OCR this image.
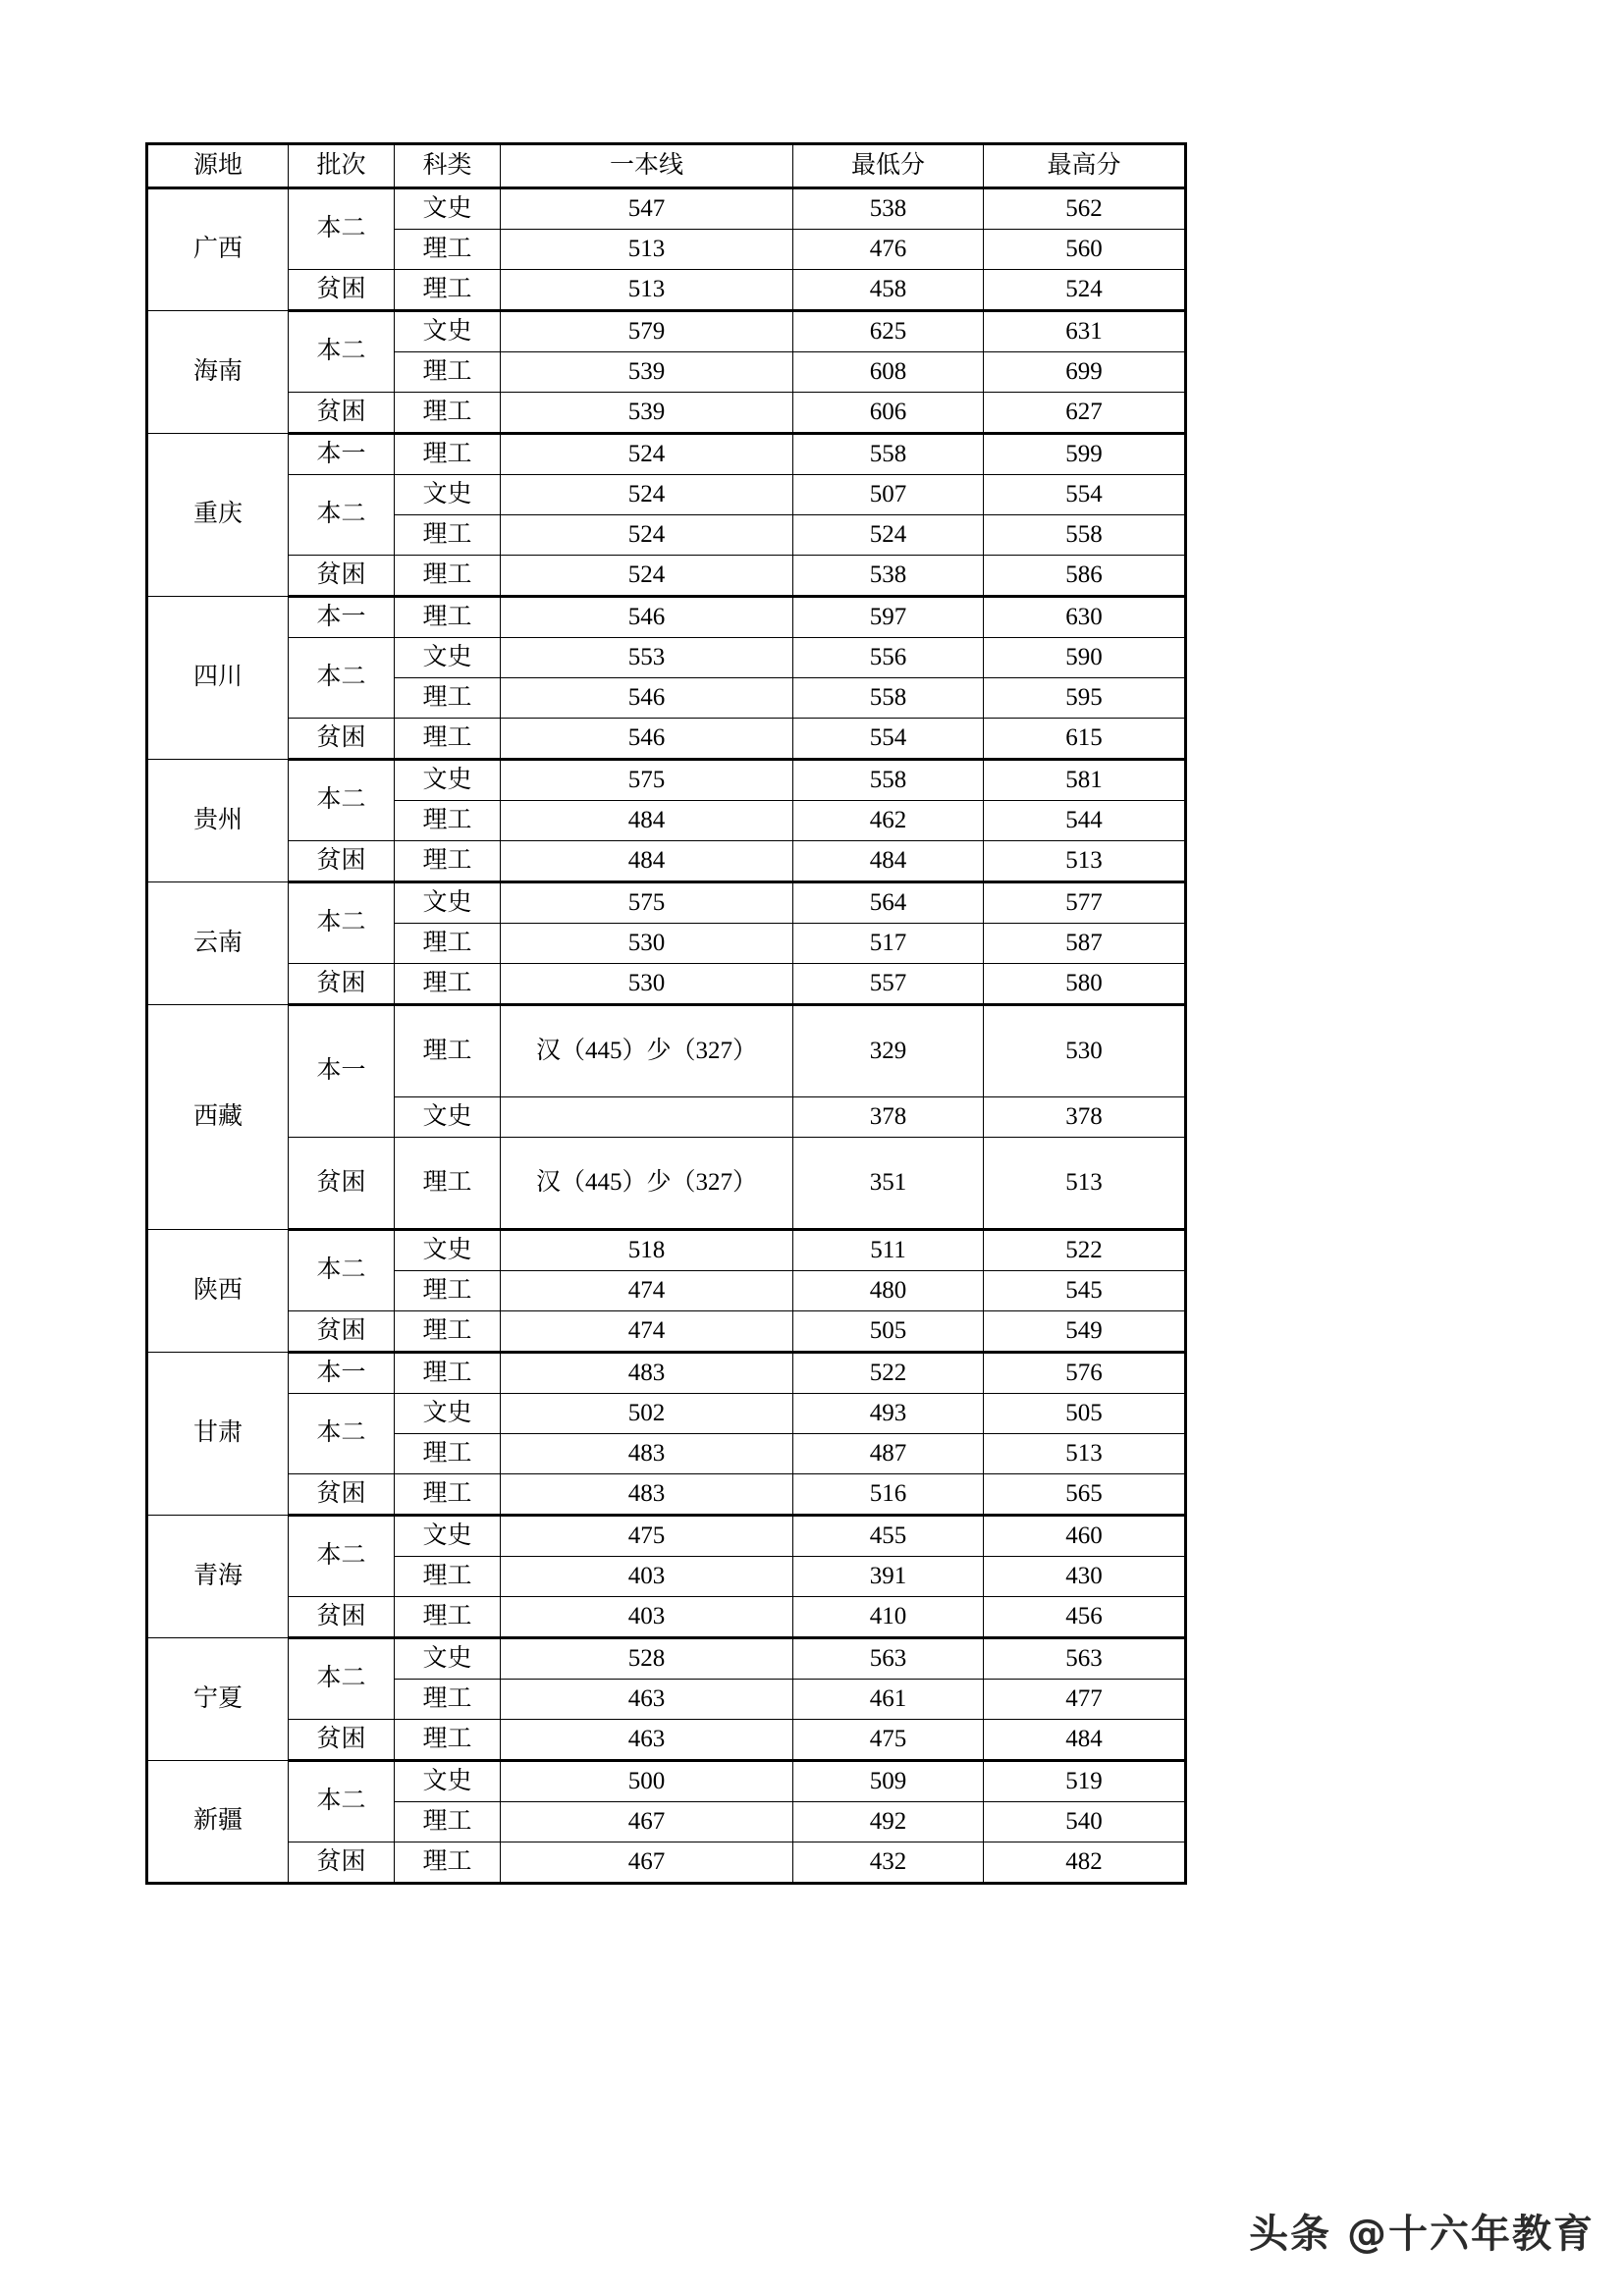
源地	批次	科类	一本线	最低分	最高分
广西	本二	文史	547	538	562
		理工	513	476	560
	贫困	理工	513	458	524
海南	本二	文史	579	625	631
		理工	539	608	699
	贫困	理工	539	606	627
重庆	本一	理工	524	558	599
	本二	文史	524	507	554
		理工	524	524	558
	贫困	理工	524	538	586
四川	本一	理工	546	597	630
	本二	文史	553	556	590
		理工	546	558	595
	贫困	理工	546	554	615
贵州	本二	文史	575	558	581
		理工	484	462	544
	贫困	理工	484	484	513
云南	本二	文史	575	564	577
		理工	530	517	587
	贫困	理工	530	557	580
西藏	本一	理工	汉（445）少（327）	329	530
		文史		378	378
	贫困	理工	汉（445）少（327）	351	513
陕西	本二	文史	518	511	522
		理工	474	480	545
	贫困	理工	474	505	549
甘肃	本一	理工	483	522	576
	本二	文史	502	493	505
		理工	483	487	513
	贫困	理工	483	516	565
青海	本二	文史	475	455	460
		理工	403	391	430
	贫困	理工	403	410	456
宁夏	本二	文史	528	563	563
		理工	463	461	477
	贫困	理工	463	475	484
新疆	本二	文史	500	509	519
		理工	467	492	540
	贫困	理工	467	432	482
头条 @十六年教育
